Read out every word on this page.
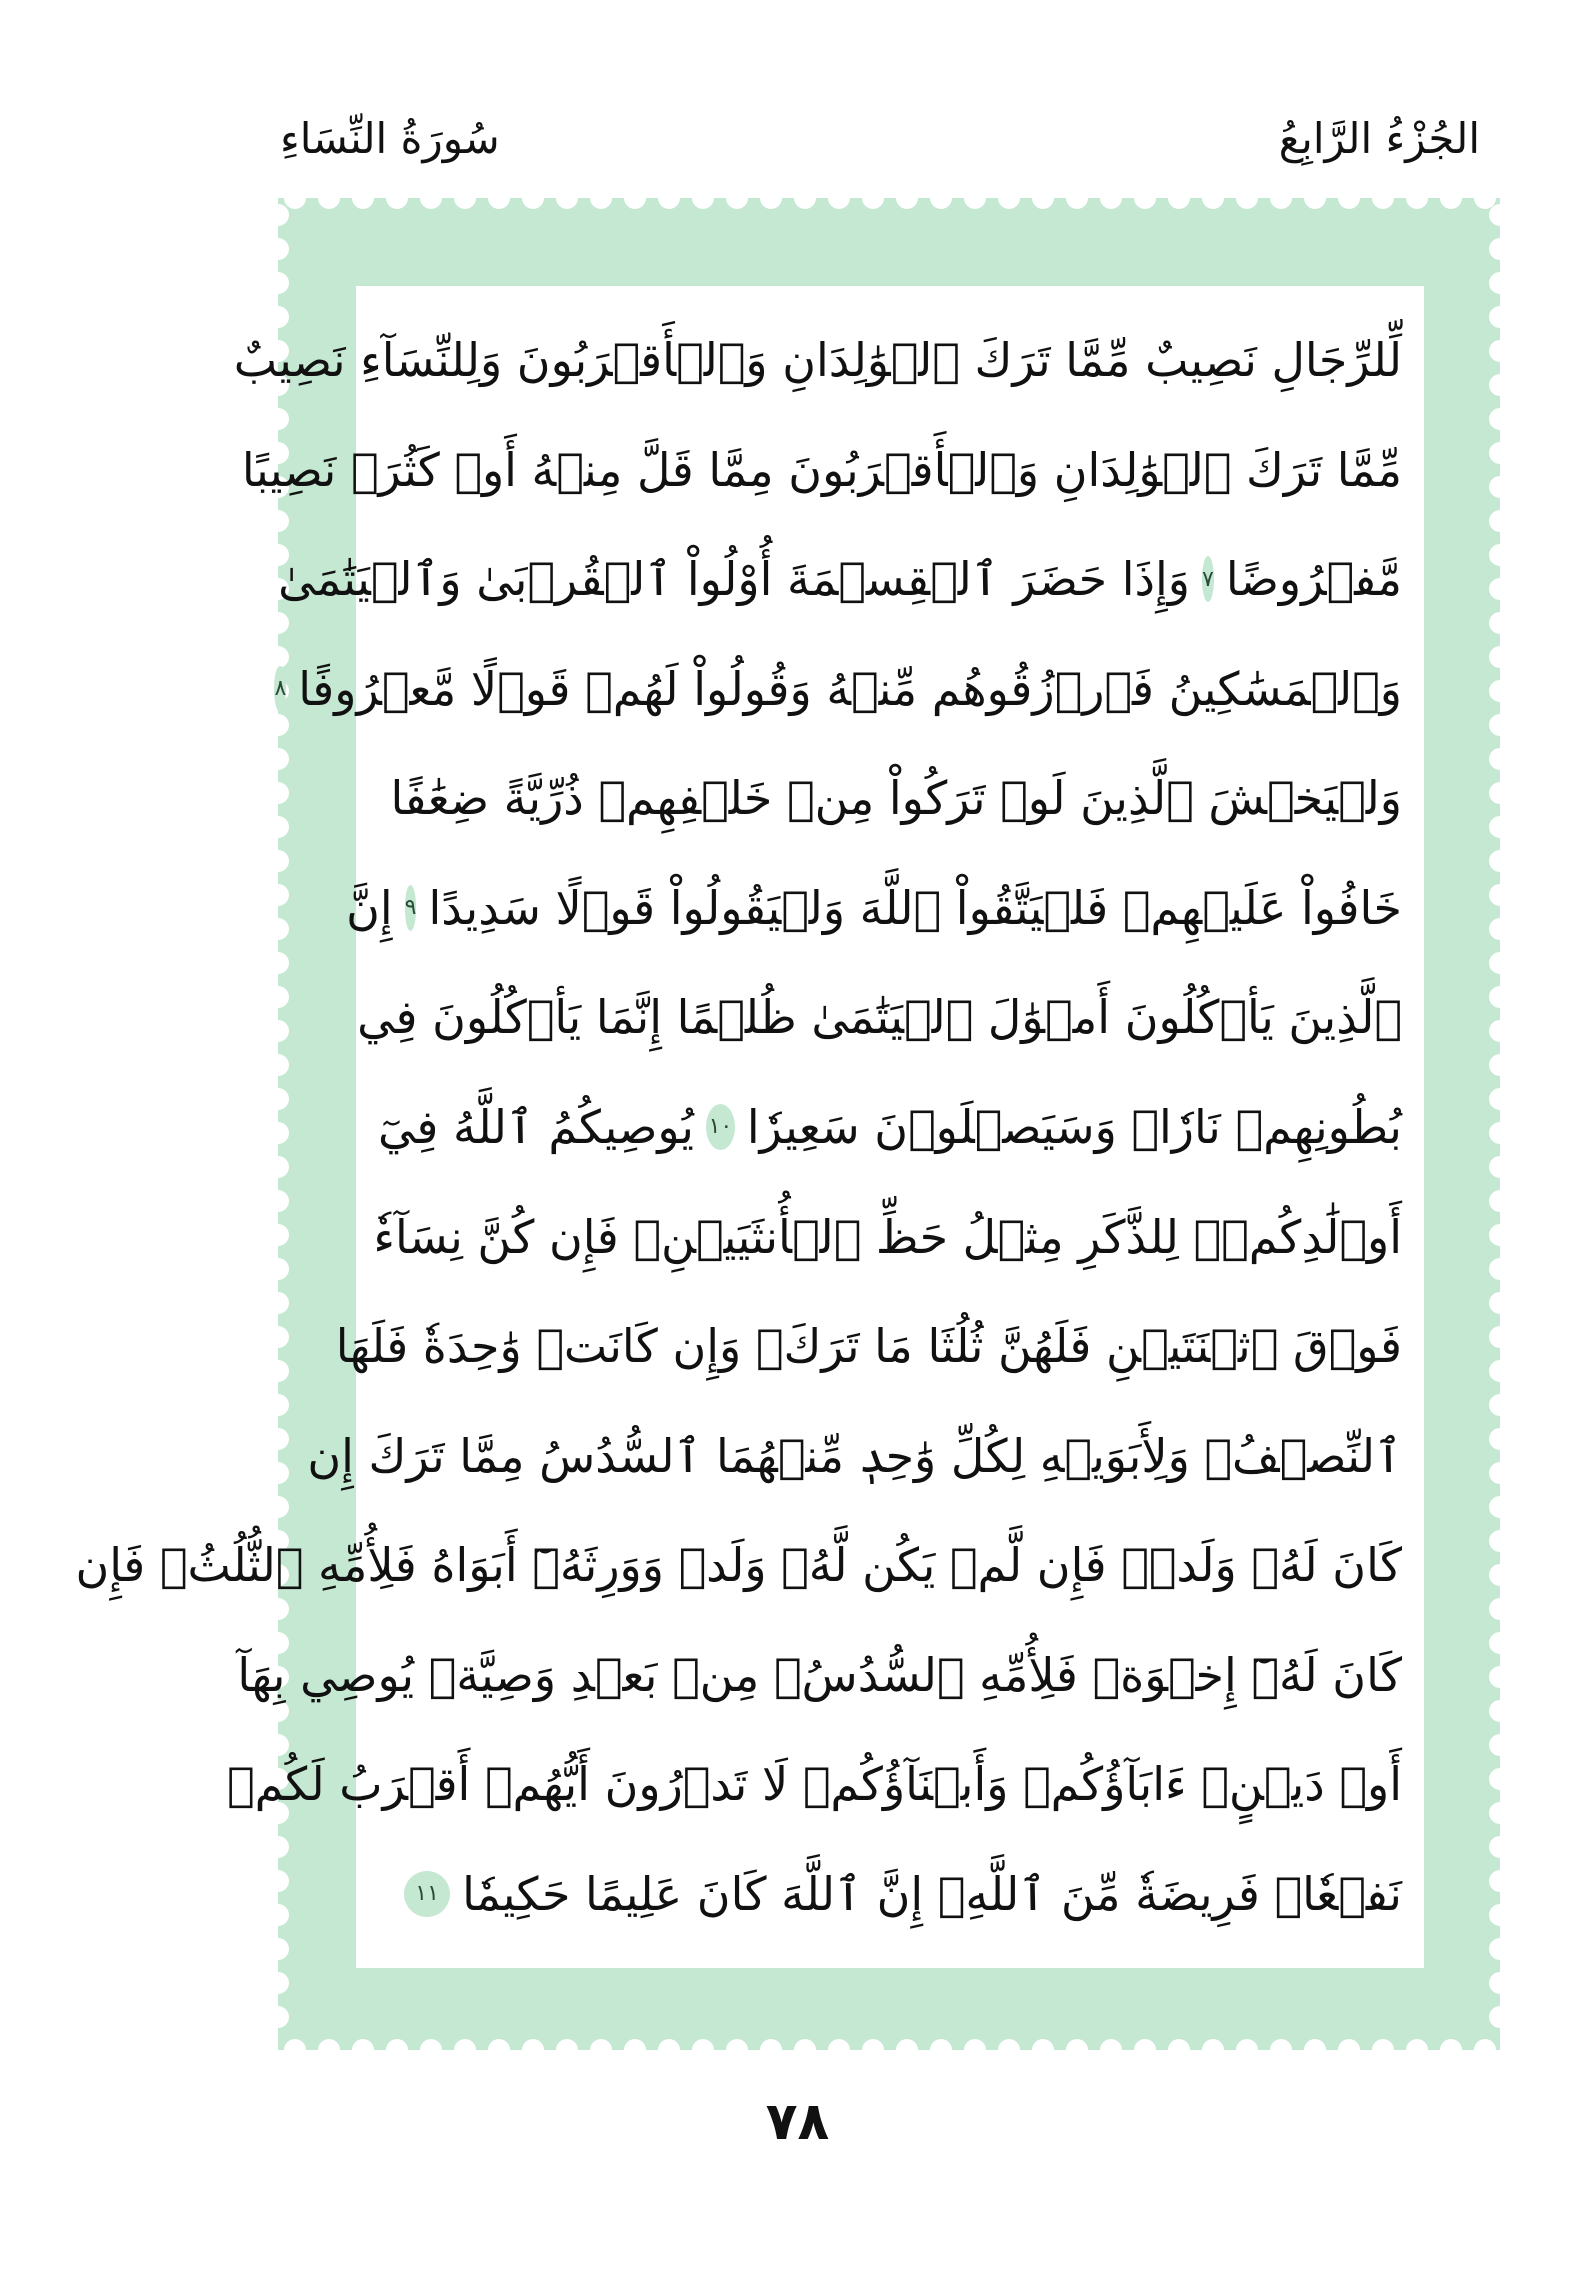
الجُزْءُ الرَّابِعُ
سُورَةُ النِّسَاءِ
لِّلرِّجَالِ نَصِيبٌ مِّمَّا تَرَكَ ٱلۡوَٰلِدَانِ وَٱلۡأَقۡرَبُونَ وَلِلنِّسَآءِ نَصِيبٌ
مِّمَّا تَرَكَ ٱلۡوَٰلِدَانِ وَٱلۡأَقۡرَبُونَ مِمَّا قَلَّ مِنۡهُ أَوۡ كَثُرَۚ نَصِيبًا
مَّفۡرُوضًا
٧
وَإِذَا حَضَرَ ٱلۡقِسۡمَةَ أُوْلُواْ ٱلۡقُرۡبَىٰ وَٱلۡيَتَٰمَىٰ
وَٱلۡمَسَٰكِينُ فَٱرۡزُقُوهُم مِّنۡهُ وَقُولُواْ لَهُمۡ قَوۡلًا مَّعۡرُوفًا
٨
وَلۡيَخۡشَ ٱلَّذِينَ لَوۡ تَرَكُواْ مِنۡ خَلۡفِهِمۡ ذُرِّيَّةً ضِعَٰفًا
خَافُواْ عَلَيۡهِمۡ فَلۡيَتَّقُواْ ٱللَّهَ وَلۡيَقُولُواْ قَوۡلًا سَدِيدًا
٩
إِنَّ
ٱلَّذِينَ يَأۡكُلُونَ أَمۡوَٰلَ ٱلۡيَتَٰمَىٰ ظُلۡمًا إِنَّمَا يَأۡكُلُونَ فِي
بُطُونِهِمۡ نَارٗاۖ وَسَيَصۡلَوۡنَ سَعِيرٗا
١٠
يُوصِيكُمُ ٱللَّهُ فِيٓ
أَوۡلَٰدِكُمۡۖ لِلذَّكَرِ مِثۡلُ حَظِّ ٱلۡأُنثَيَيۡنِۚ فَإِن كُنَّ نِسَآءٗ
فَوۡقَ ٱثۡنَتَيۡنِ فَلَهُنَّ ثُلُثَا مَا تَرَكَۖ وَإِن كَانَتۡ وَٰحِدَةٗ فَلَهَا
ٱلنِّصۡفُۚ وَلِأَبَوَيۡهِ لِكُلِّ وَٰحِدٖ مِّنۡهُمَا ٱلسُّدُسُ مِمَّا تَرَكَ إِن
كَانَ لَهُۥ وَلَدٞۚ فَإِن لَّمۡ يَكُن لَّهُۥ وَلَدٞ وَوَرِثَهُۥٓ أَبَوَاهُ فَلِأُمِّهِ ٱلثُّلُثُۚ فَإِن
كَانَ لَهُۥٓ إِخۡوَةٞ فَلِأُمِّهِ ٱلسُّدُسُۚ مِنۢ بَعۡدِ وَصِيَّةٖ يُوصِي بِهَآ
أَوۡ دَيۡنٍۗ ءَابَآؤُكُمۡ وَأَبۡنَآؤُكُمۡ لَا تَدۡرُونَ أَيُّهُمۡ أَقۡرَبُ لَكُمۡ
نَفۡعٗاۚ فَرِيضَةٗ مِّنَ ٱللَّهِۗ إِنَّ ٱللَّهَ كَانَ عَلِيمًا حَكِيمٗا
١١
٧٨
